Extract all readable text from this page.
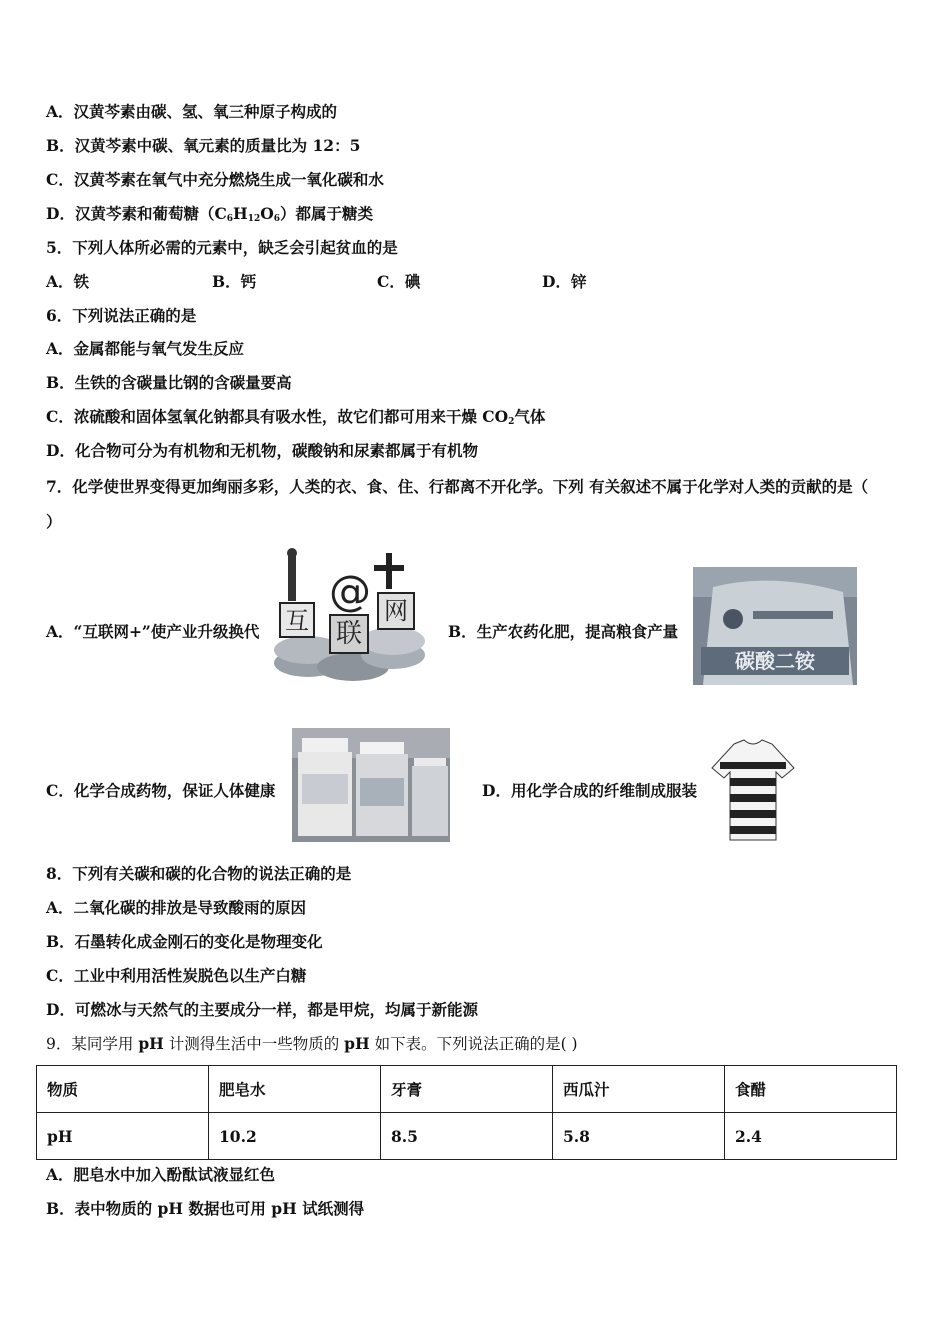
A．汉黄芩素由碳、氢、氧三种原子构成的
B．汉黄芩素中碳、氧元素的质量比为 12：5
C．汉黄芩素在氧气中充分燃烧生成一氧化碳和水
D．汉黄芩素和葡萄糖$(C_6H_{12}O_6)$都属于糖类
5．下列人体所必需的元素中，缺乏会引起贫血的是
A．铁	B．钙	C．碘	D．锌
6．下列说法正确的是
A．金属都能与氧气发生反应
B．生铁的含碳量比钢的含碳量要高
C．浓硫酸和固体氢氧化钠都具有吸水性，故它们都可用来干燥 $CO_2$气体
D．化合物可分为有机物和无机物，碳酸钠和尿素都属于有机物
7．化学使世界变得更加绚丽多彩，人类的衣、食、住、行都离不开化学。下列 有关叙述不属于化学对人类的贡献的是（
）
A．“互联网+”使产业升级换代
@
互 联
网
B．生产农药化肥，提高粮食产量
碳酸二铵
C．化学合成药物，保证人体健康	D．用化学合成的纤维制成服装
8．下列有关碳和碳的化合物的说法正确的是
A．二氧化碳的排放是导致酸雨的原因
B．石墨转化成金刚石的变化是物理变化
C．工业中利用活性炭脱色以生产白糖
D．可燃冰与天然气的主要成分一样，都是甲烷，均属于新能源
9．某同学用 pH 计测得生活中一些物质的 pH 如下表。下列说法正确的是( )
物质	肥皂水	牙膏	西瓜汁	食醋
pH	10.2	8.5	5.8	2.4
A．肥皂水中加入酚酞试液显红色
B．表中物质的 pH 数据也可用 pH 试纸测得
